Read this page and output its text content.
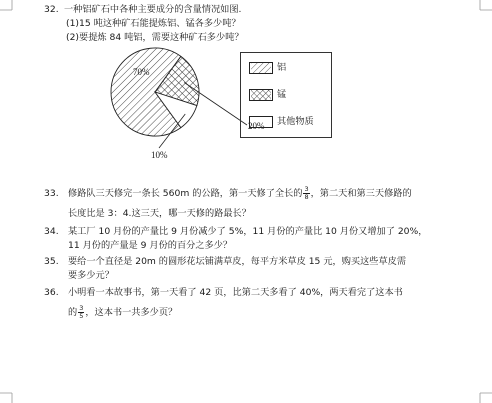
32. 一种铝矿石中各种主要成分的含量情况如图.
(1)15 吨这种矿石能提炼铝、锰各多少吨？
(2)要提炼 84 吨铝，需要这种矿石多少吨？
70%
20%
10%
铝
锰
其他物质
33. 修路队三天修完一条长 560m 的公路，第一天修了全长的 $\frac{3}{8}$ ，第二天和第三天修路的
长度比是 3：4.这三天，哪一天修的路最长？
34. 某工厂 10 月份的产量比 9 月份减少了 5%，11 月份的产量比 10 月份又增加了 20%，
11 月份的产量是 9 月份的百分之多少？
35. 要给一个直径是 20m 的圆形花坛铺满草皮，每平方米草皮 15 元，购买这些草皮需
要多少元？
36. 小明看一本故事书，第一天看了 42 页，比第二天多看了 40%，两天看完了这本书
的 $\frac{3}{5}$ ，这本书一共多少页？
